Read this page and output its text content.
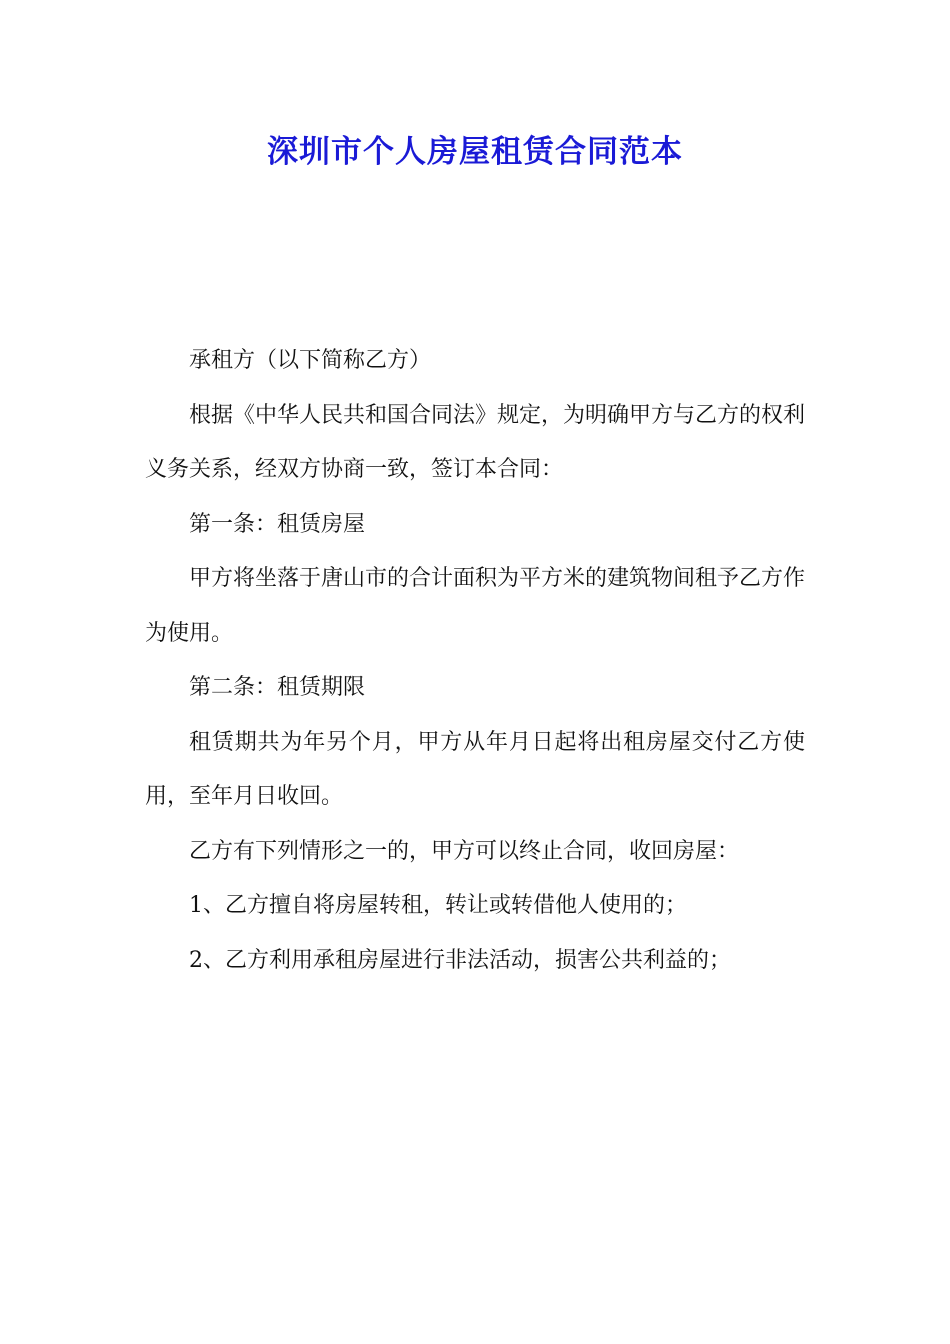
深圳市个人房屋租赁合同范本

承租方（以下简称乙方）

根据《中华人民共和国合同法》规定，为明确甲方与乙方的权利义务关系，经双方协商一致，签订本合同：

第一条：租赁房屋

甲方将坐落于唐山市的合计面积为平方米的建筑物间租予乙方作为使用。

第二条：租赁期限

租赁期共为年另个月，甲方从年月日起将出租房屋交付乙方使用，至年月日收回。

乙方有下列情形之一的，甲方可以终止合同，收回房屋：

1、乙方擅自将房屋转租，转让或转借他人使用的；

2、乙方利用承租房屋进行非法活动，损害公共利益的；
